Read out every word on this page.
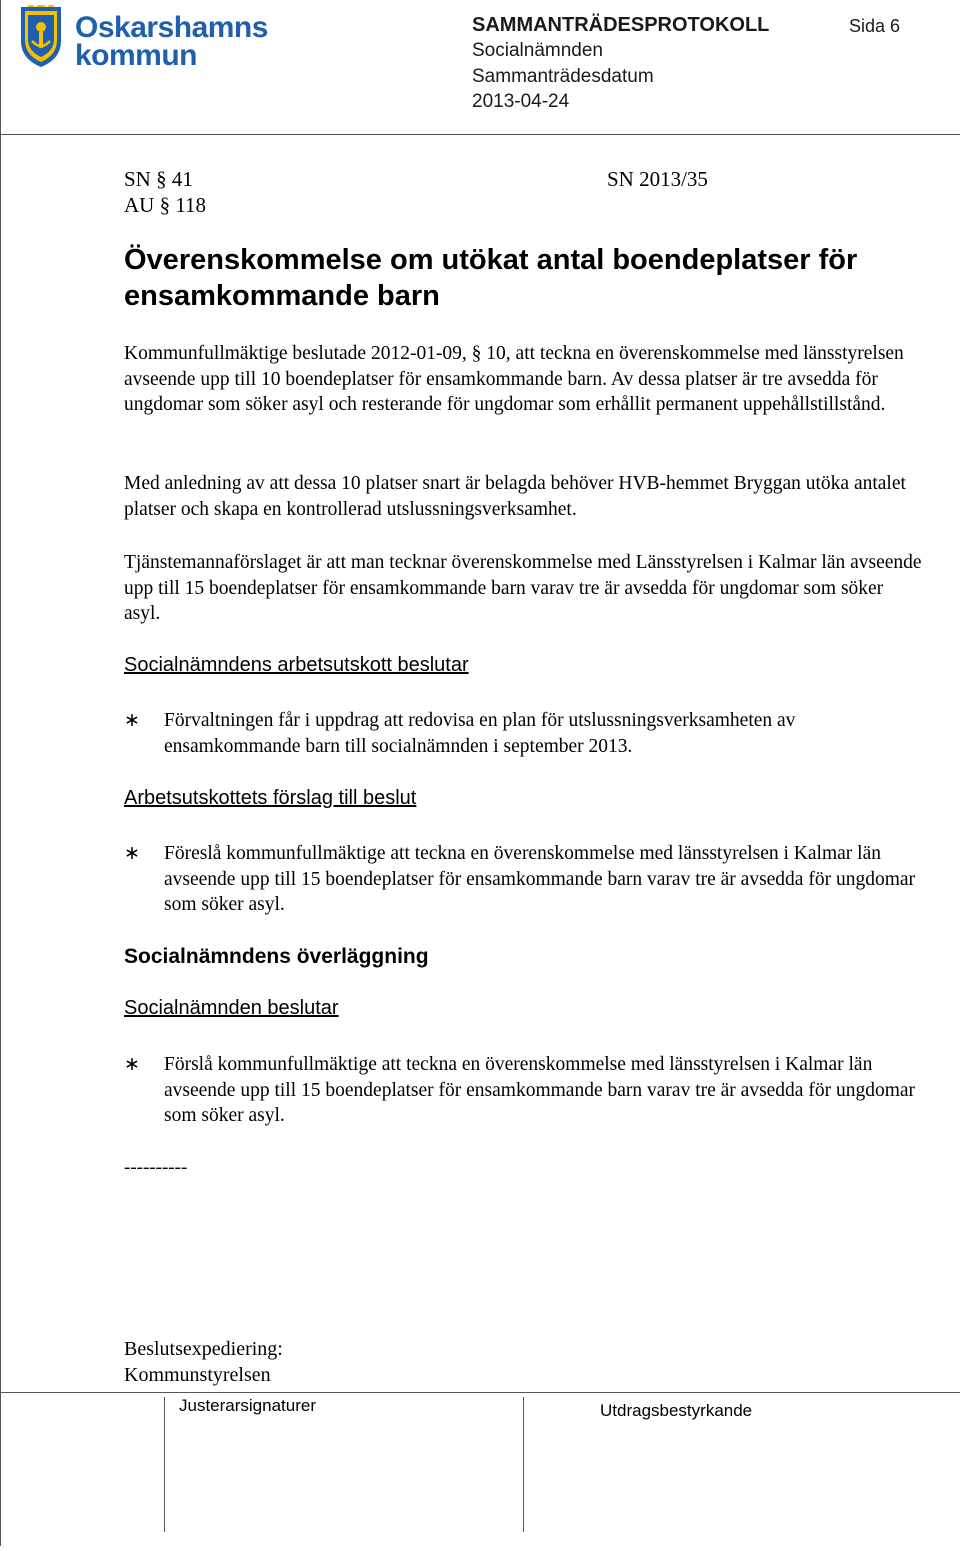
Oskarshamns
kommun
SAMMANTRÄDESPROTOKOLL	Sida 6
Socialnämnden
Sammanträdesdatum
2013-04-24
SN § 41
AU § 118
SN 2013/35
Överenskommelse om utökat antal boendeplatser för ensamkommande barn
Kommunfullmäktige beslutade 2012-01-09, § 10, att teckna en överenskommelse med länsstyrelsen avseende upp till 10 boendeplatser för ensamkommande barn. Av dessa platser är tre avsedda för ungdomar som söker asyl och resterande för ungdomar som erhållit permanent uppehållstillstånd.
Med anledning av att dessa 10 platser snart är belagda behöver HVB-hemmet Bryggan utöka antalet platser och skapa en kontrollerad utslussningsverksamhet.
Tjänstemannaförslaget är att man tecknar överenskommelse med Länsstyrelsen i Kalmar län avseende upp till 15 boendeplatser för ensamkommande barn varav tre är avsedda för ungdomar som söker asyl.
Socialnämndens arbetsutskott beslutar
∗ Förvaltningen får i uppdrag att redovisa en plan för utslussningsverksamheten av ensamkommande barn till socialnämnden i september 2013.
Arbetsutskottets förslag till beslut
∗ Föreslå kommunfullmäktige att teckna en överenskommelse med länsstyrelsen i Kalmar län avseende upp till 15 boendeplatser för ensamkommande barn varav tre är avsedda för ungdomar som söker asyl.
Socialnämndens överläggning
Socialnämnden beslutar
∗ Förslå kommunfullmäktige att teckna en överenskommelse med länsstyrelsen i Kalmar län avseende upp till 15 boendeplatser för ensamkommande barn varav tre är avsedda för ungdomar som söker asyl.
----------
Beslutsexpediering:
Kommunstyrelsen
Justerarsignaturer	Utdragsbestyrkande
